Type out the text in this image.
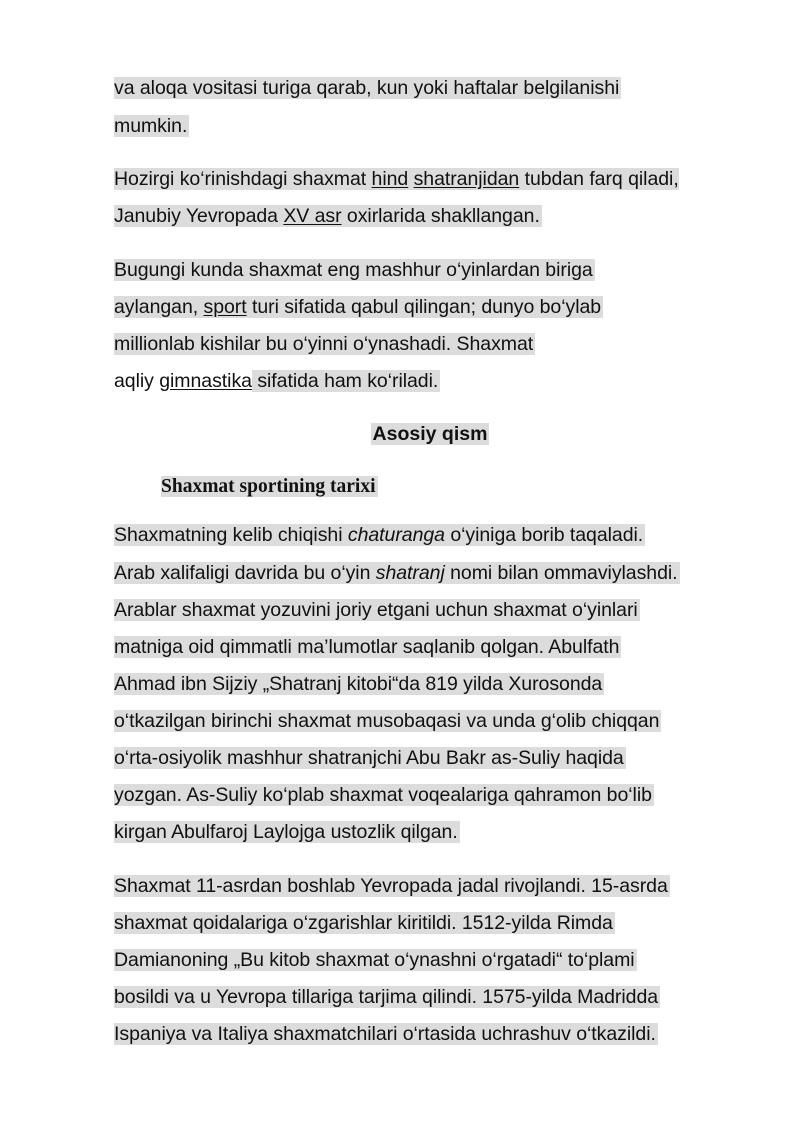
va aloqa vositasi turiga qarab, kun yoki haftalar belgilanishi
mumkin.
Hozirgi ko‘rinishdagi shaxmat hind shatranjidan tubdan farq qiladi,
Janubiy Yevropada XV asr oxirlarida shakllangan.
Bugungi kunda shaxmat eng mashhur o‘yinlardan biriga
aylangan, sport turi sifatida qabul qilingan; dunyo bo‘ylab
millionlab kishilar bu o‘yinni o‘ynashadi. Shaxmat
aqliy gimnastika sifatida ham ko‘riladi.
Asosiy qism
Shaxmat sportining tarixi
Shaxmatning kelib chiqishi chaturanga o‘yiniga borib taqaladi.
Arab xalifaligi davrida bu o‘yin shatranj nomi bilan ommaviylashdi.
Arablar shaxmat yozuvini joriy etgani uchun shaxmat o‘yinlari
matniga oid qimmatli ma’lumotlar saqlanib qolgan. Abulfath
Ahmad ibn Sijziy „Shatranj kitobi“da 819 yilda Xurosonda
o‘tkazilgan birinchi shaxmat musobaqasi va unda g‘olib chiqqan
o‘rta-osiyolik mashhur shatranjchi Abu Bakr as-Suliy haqida
yozgan. As-Suliy ko‘plab shaxmat voqealariga qahramon bo‘lib
kirgan Abulfaroj Laylojga ustozlik qilgan.
Shaxmat 11-asrdan boshlab Yevropada jadal rivojlandi. 15-asrda
shaxmat qoidalariga o‘zgarishlar kiritildi. 1512-yilda Rimda
Damianoning „Bu kitob shaxmat o‘ynashni o‘rgatadi“ to‘plami
bosildi va u Yevropa tillariga tarjima qilindi. 1575-yilda Madridda
Ispaniya va Italiya shaxmatchilari o‘rtasida uchrashuv o‘tkazildi.
